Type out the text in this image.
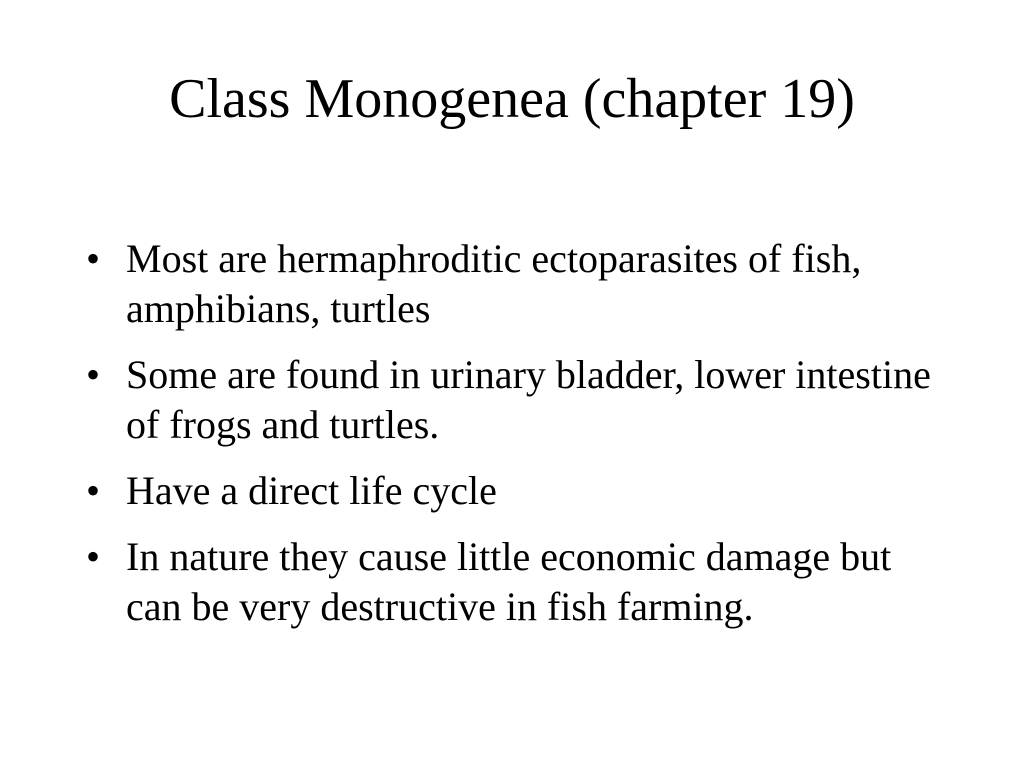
Class Monogenea (chapter 19)
• Most are hermaphroditic ectoparasites of fish, amphibians, turtles
• Some are found in urinary bladder, lower intestine of frogs and turtles.
• Have a direct life cycle
• In nature they cause little economic damage but can be very destructive in fish farming.
